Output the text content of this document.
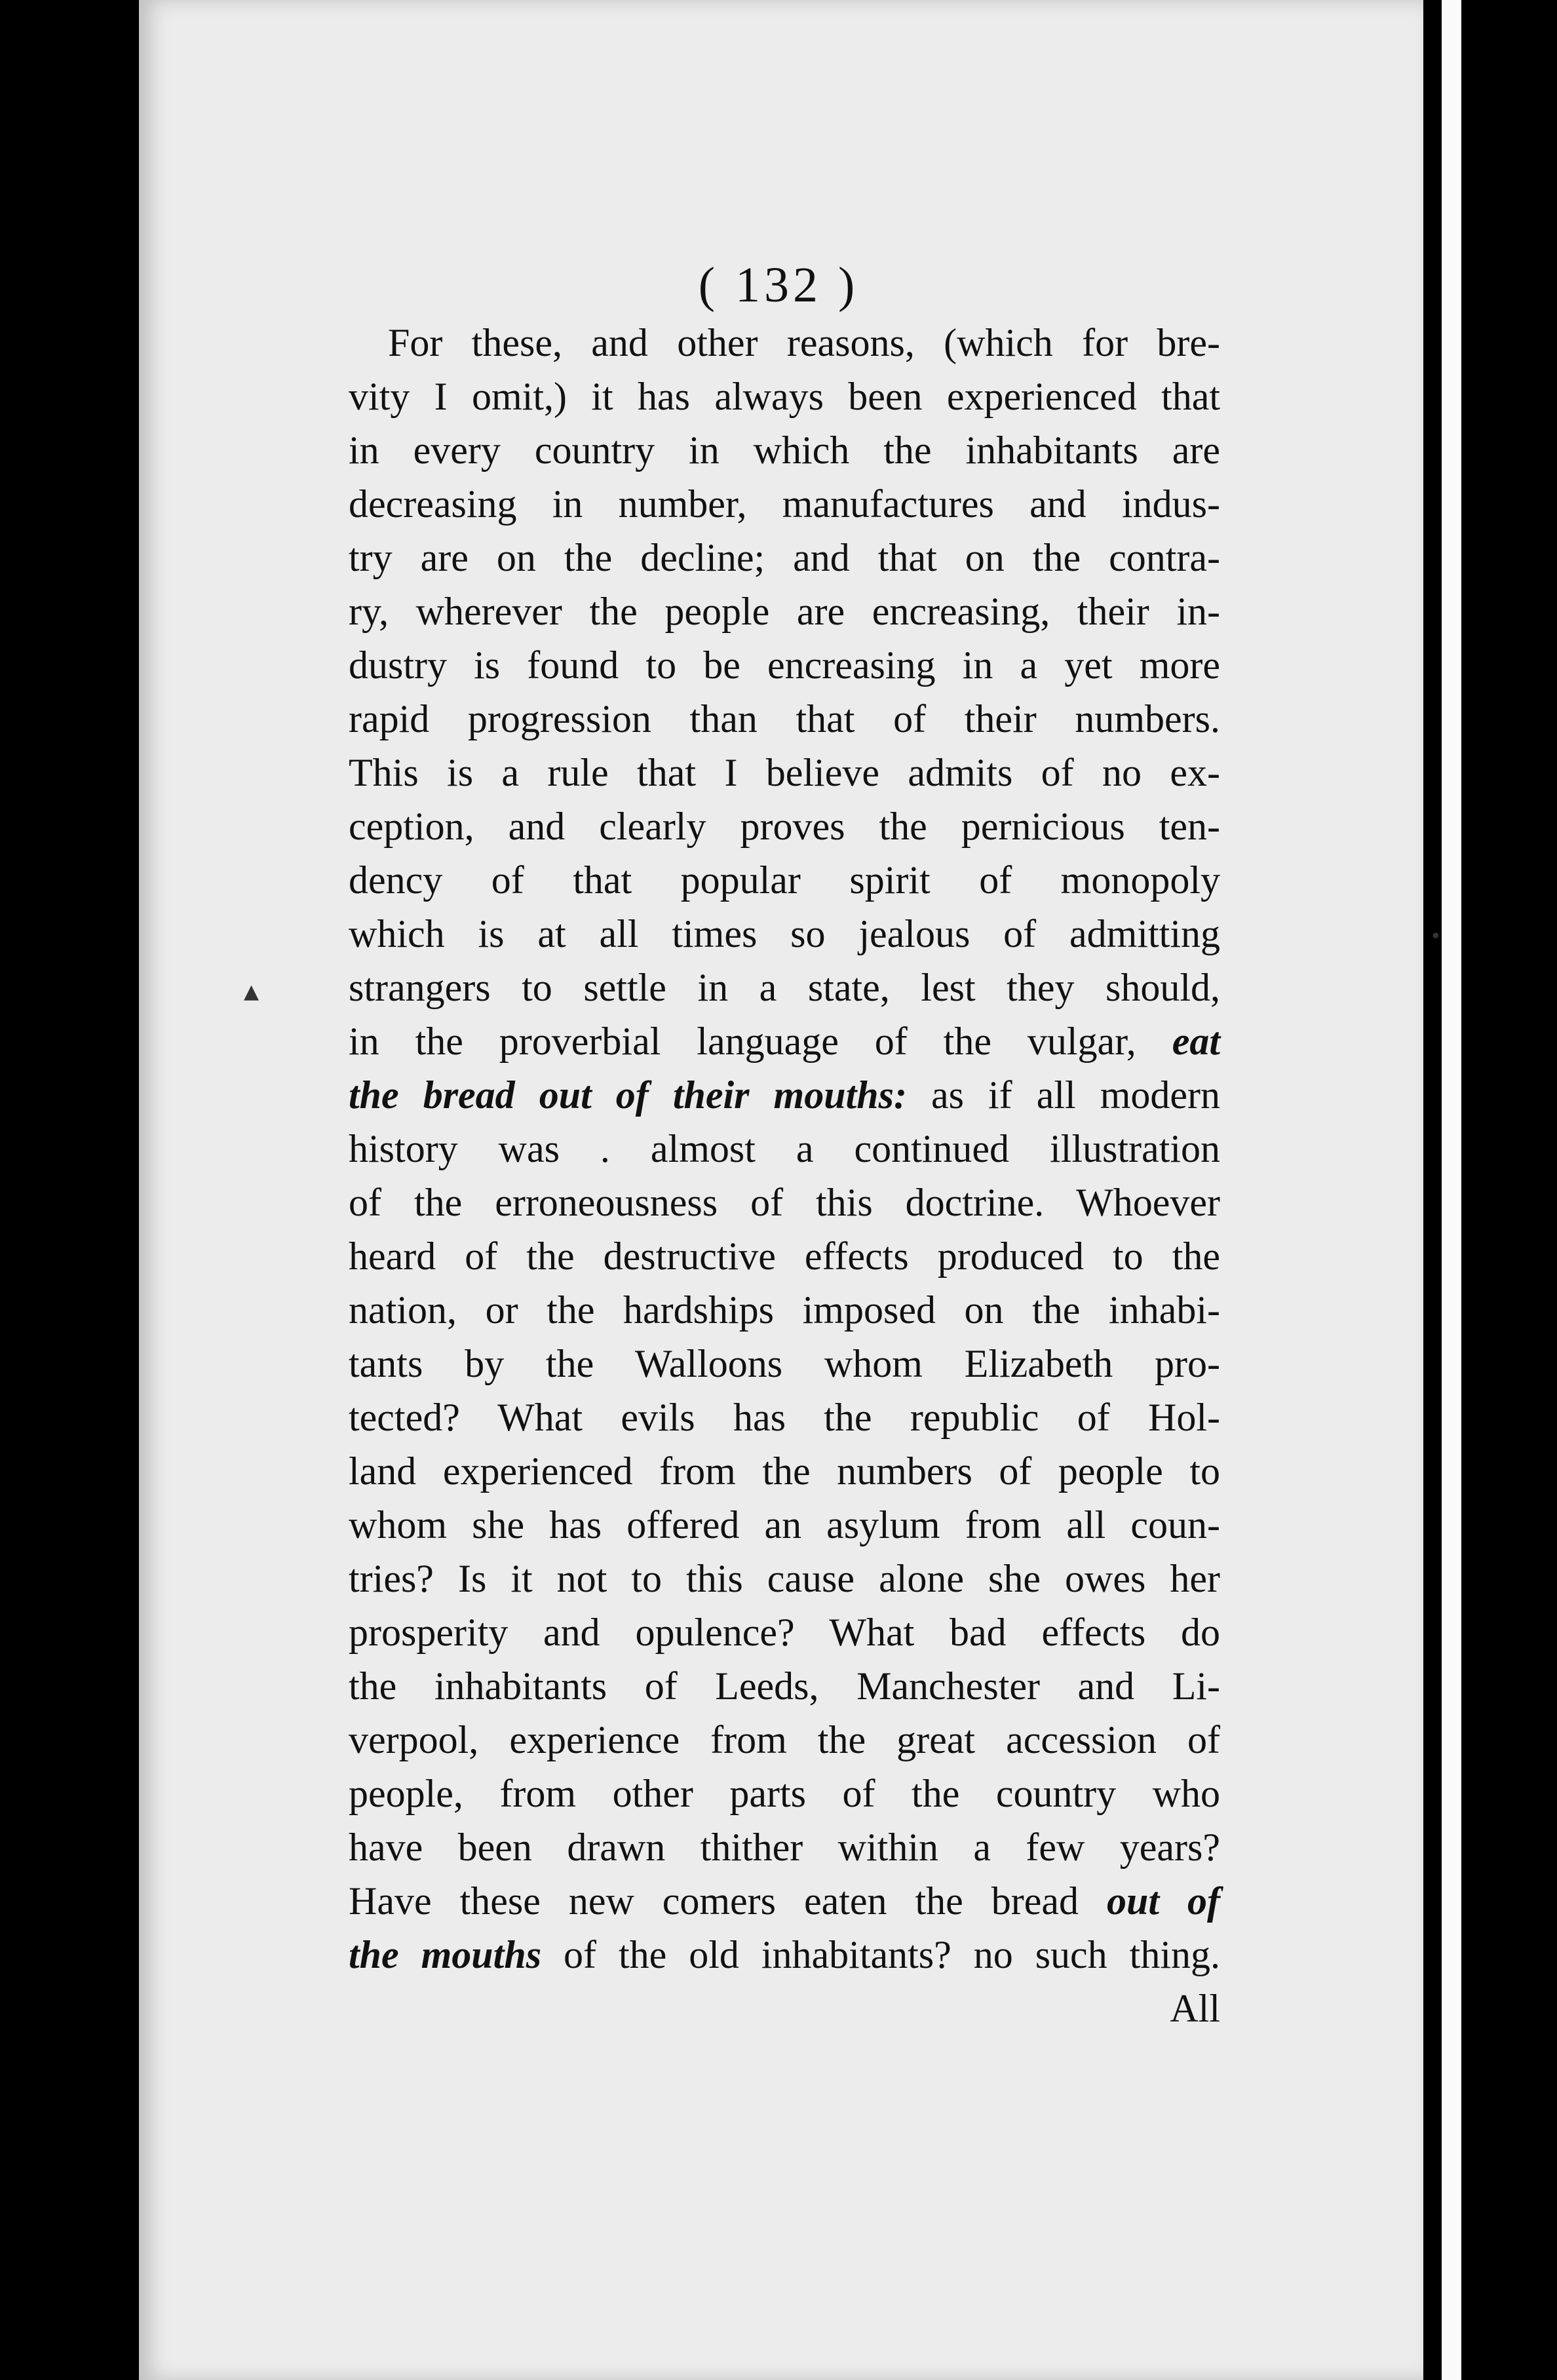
▲
•
( 132 )
For these, and other reasons, (which for bre-
vity I omit,) it has always been experienced that
in every country in which the inhabitants are
decreasing in number, manufactures and indus-
try are on the decline; and that on the contra-
ry, wherever the people are encreasing, their in-
dustry is found to be encreasing in a yet more
rapid progression than that of their numbers.
This is a rule that I believe admits of no ex-
ception, and clearly proves the pernicious ten-
dency of that popular spirit of monopoly
which is at all times so jealous of admitting
strangers to settle in a state, lest they should,
in the proverbial language of the vulgar, eat
the bread out of their mouths: as if all modern
history was . almost a continued illustration
of the erroneousness of this doctrine. Whoever
heard of the destructive effects produced to the
nation, or the hardships imposed on the inhabi-
tants by the Walloons whom Elizabeth pro-
tected? What evils has the republic of Hol-
land experienced from the numbers of people to
whom she has offered an asylum from all coun-
tries? Is it not to this cause alone she owes her
prosperity and opulence? What bad effects do
the inhabitants of Leeds, Manchester and Li-
verpool, experience from the great accession of
people, from other parts of the country who
have been drawn thither within a few years?
Have these new comers eaten the bread out of
the mouths of the old inhabitants? no such thing.
All
